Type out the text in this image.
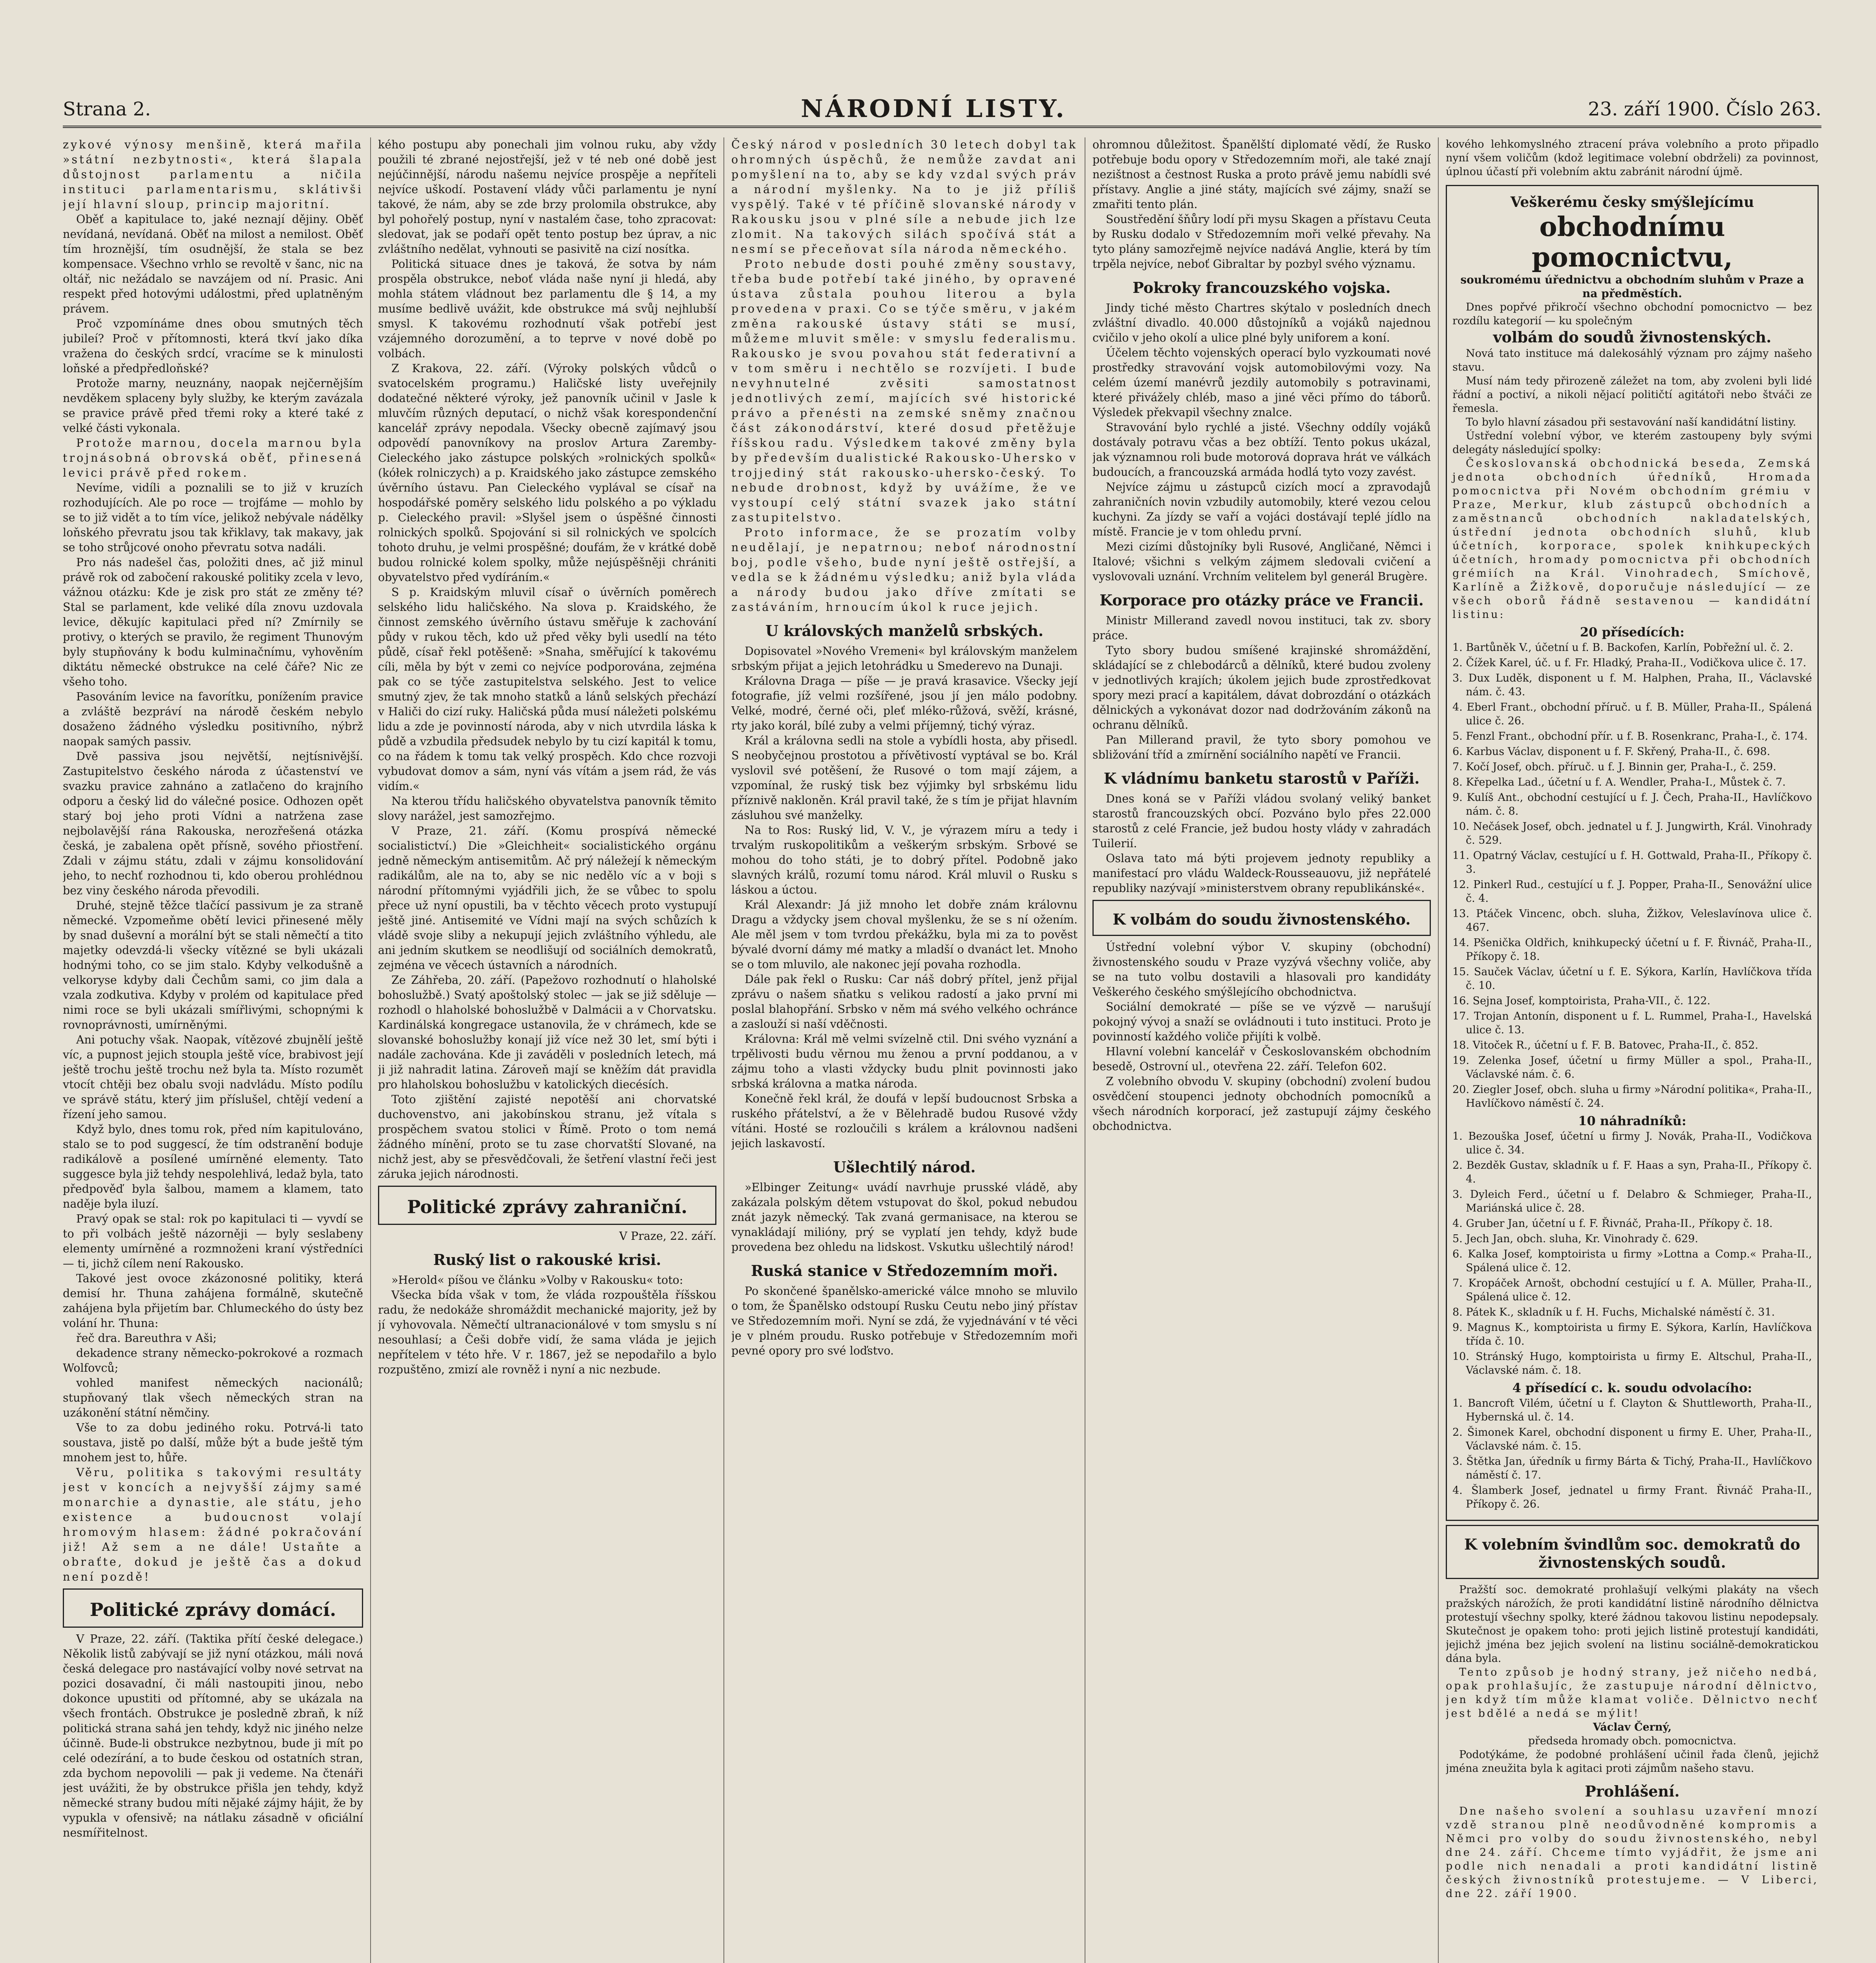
Strana 2.	NÁRODNÍ LISTY.	23. září 1900. Číslo 263.

zykové výnosy menšině, která mařila »státní nezbytnosti«, která šlapala důstojnost parlamentu a ničila instituci parlamentarismu, sklátivši její hlavní sloup, princip majoritní.

Oběť a kapitulace to, jaké neznají dějiny. Oběť nevídaná, nevídaná. Oběť na milost a nemilost. Oběť tím hroznější, tím osudnější, že stala se bez kompensace. Všechno vrhlo se revoltě v šanc, nic na oltář, nic nežádalo se navzájem od ní. Prasic. Ani respekt před hotovými událostmi, před uplatněným právem.

Proč vzpomínáme dnes obou smutných těch jubileí? Proč v přítomnosti, která tkví jako díka vražena do českých srdcí, vracíme se k minulosti loňské a předpředloňské?

Protože marny, neuznány, naopak nejčernějším nevděkem splaceny byly služby, ke kterým zavázala se pravice právě před třemi roky a které také z velké části vykonala.

Protože marnou, docela marnou byla trojnásobná obrovská oběť, přinesená levici právě před rokem.

Nevíme, vidíli a poznalili se to již v kruzích rozhodujících. Ale po roce — trojfáme — mohlo by se to již vidět a to tím více, jelikož nebývale nádělky loňského převratu jsou tak křiklavy, tak makavy, jak se toho strůjcové onoho převratu sotva nadáli.

Pro nás nadešel čas, položiti dnes, ač již minul právě rok od zabočení rakouské politiky zcela v levo, vážnou otázku: Kde je zisk pro stát ze změny té? Stal se parlament, kde veliké díla znovu uzdovala levice, děkujíc kapitulaci před ní? Zmírnily se protivy, o kterých se pravilo, že regiment Thunovým byly stupňovány k bodu kulminačnímu, vyhověním diktátu německé obstrukce na celé čáře? Nic ze všeho toho.

Pasováním levice na favorítku, ponížením pravice a zvláště bezpráví na národě českém nebylo dosaženo žádného výsledku positivního, nýbrž naopak samých passiv.

Dvě passiva jsou největší, nejtísnivější. Zastupitelstvo českého národa z účastenství ve svazku pravice zahnáno a zatlačeno do krajního odporu a český lid do válečné posice. Odhozen opět starý boj jeho proti Vídni a natržena zase nejbolavější rána Rakouska, nerozřešená otázka česká, je zabalena opět přísně, sového přiostření. Zdali v zájmu státu, zdali v zájmu konsolidování jeho, to nechť rozhodnou ti, kdo oberou prohlédnou bez viny českého národa převodili.

Druhé, stejně těžce tlačící passivum je za straně německé. Vzpomeňme obětí levici přinesené měly by snad duševní a morální být se stali němečtí a tito majetky odevzdá-li všecky vítězné se byli ukázali hodnými toho, co se jim stalo. Kdyby velkodušně a velkoryse kdyby dali Čechům sami, co jim dala a vzala zodkutiva. Kdyby v prolém od kapitulace před nimi roce se byli ukázali smířlivými, schopnými k rovnoprávnosti, umírněnými.

Ani potuchy však. Naopak, vítězové zbujnělí ještě víc, a pupnost jejich stoupla ještě více, brabivost její ještě trochu ještě trochu než byla ta. Místo rozumět vtocít chtěji bez obalu svoji nadvládu. Místo podílu ve správě státu, který jim příslušel, chtějí vedení a řízení jeho samou.

Když bylo, dnes tomu rok, před ním kapitulováno, stalo se to pod suggescí, že tím odstranění boduje radikálově a posílené umírněné elementy. Tato suggesce byla již tehdy nespolehlivá, ledaž byla, tato předpověď byla šalbou, mamem a klamem, tato naděje byla iluzí.

Pravý opak se stal: rok po kapitulaci ti — vyvdí se to při volbách ještě názorněji — byly seslabeny elementy umírněné a rozmnoženi kraní výstředníci — ti, jichž cílem není Rakousko.

Takové jest ovoce zkázonosné politiky, která demisí hr. Thuna zahájena formálně, skutečně zahájena byla přijetím bar. Chlumeckého do ústy bez volání hr. Thuna:

řeč dra. Bareuthra v Aši;

dekadence strany německo-pokrokové a rozmach Wolfovců;

vohled manifest německých nacionálů; stupňovaný tlak všech německých stran na uzákonění státní němčiny.

Vše to za dobu jediného roku. Potrvá-li tato soustava, jistě po další, může být a bude ještě tým mnohem jest to, hůře.

Věru, politika s takovými resultáty jest v koncích a nejvyšší zájmy samé monarchie a dynastie, ale státu, jeho existence a budoucnost volají hromovým hlasem: žádné pokračování již! Až sem a ne dále! Ustaňte a obraťte, dokud je ještě čas a dokud není pozdě!

Politické zprávy domácí.

V Praze, 22. září. (Taktika přítí české delegace.) Několik listů zabývají se již nyní otázkou, máli nová česká delegace pro nastávající volby nové setrvat na pozici dosavadní, či máli nastoupiti jinou, nebo dokonce upustiti od přítomné, aby se ukázala na všech frontách. Obstrukce je posledně zbraň, k níž politická strana sahá jen tehdy, když nic jiného nelze účinně. Bude-li obstrukce nezbytnou, bude ji mít po celé odezírání, a to bude českou od ostatních stran, zda bychom nepovolili — pak ji vedeme. Na čtenáři jest uvážiti, že by obstrukce přišla jen tehdy, když německé strany budou míti nějaké zájmy hájit, že by vypukla v ofensivě; na nátlaku zásadně v oficiální nesmířitelnost.

kého postupu aby ponechali jim volnou ruku, aby vždy použili té zbrané nejostřejší, jež v té neb oné době jest nejúčinnější, národu našemu nejvíce prospěje a nepříteli nejvíce uškodí. Postavení vlády vůči parlamentu je nyní takové, že nám, aby se zde brzy prolomila obstrukce, aby byl pohořelý postup, nyní v nastalém čase, toho zpracovat: sledovat, jak se podaří opět tento postup bez úprav, a nic zvláštního nedělat, vyhnouti se pasivitě na cizí nosítka.

Politická situace dnes je taková, že sotva by nám prospěla obstrukce, neboť vláda naše nyní ji hledá, aby mohla státem vládnout bez parlamentu dle § 14, a my musíme bedlivě uvážit, kde obstrukce má svůj nejhlubší smysl. K takovému rozhodnutí však potřebí jest vzájemného dorozumění, a to teprve v nové době po volbách.

Z Krakova, 22. září. (Výroky polských vůdců o svatocelském programu.) Haličské listy uveřejnily dodatečné některé výroky, jež panovník učinil v Jasle k mluvčím různých deputací, o nichž však korespondenční kancelář zprávy nepodala. Všecky obecně zajímavý jsou odpovědí panovníkovy na proslov Artura Zaremby-Cieleckého jako zástupce polských »rolnických spolků« (kółek rolniczych) a p. Kraidského jako zástupce zemského úvěrního ústavu. Pan Cieleckého vyplával se císař na hospodářské poměry selského lidu polského a po výkladu p. Cieleckého pravil: »Slyšel jsem o úspěšné činnosti rolnických spolků. Spojování si sil rolnických ve spolcích tohoto druhu, je velmi prospěšné; doufám, že v krátké době budou rolnické kolem spolky, může nejúspěšněji chrániti obyvatelstvo před vydíráním.«

S p. Kraidským mluvil císař o úvěrních poměrech selského lidu haličského. Na slova p. Kraidského, že činnost zemského úvěrního ústavu směřuje k zachování půdy v rukou těch, kdo už před věky byli usedlí na této půdě, císař řekl potěšeně: »Snaha, směřující k takovému cíli, měla by být v zemi co nejvíce podporována, zejména pak co se týče zastupitelstva selského. Jest to velice smutný zjev, že tak mnoho statků a lánů selských přechází v Haliči do cizí ruky. Haličská půda musí náležeti polskému lidu a zde je povinností národa, aby v nich utvrdila láska k půdě a vzbudila předsudek nebylo by tu cizí kapitál k tomu, co na řádem k tomu tak velký prospěch. Kdo chce rozvoji vybudovat domov a sám, nyní vás vítám a jsem rád, že vás vidím.«

Na kterou třídu haličského obyvatelstva panovník těmito slovy narážel, jest samozřejmo.

V Praze, 21. září. (Komu prospívá německé socialistictví.) Die »Gleichheit« socialistického orgánu jedně německým antisemitům. Ač prý náležejí k německým radikálům, ale na to, aby se nic nedělo víc a v boji s národní přítomnými vyjádřili jich, že se vůbec to spolu přece už nyní opustili, ba v těchto věcech proto vystupují ještě jiné. Antisemité ve Vídni mají na svých schůzích k vládě svoje sliby a nekupují jejich zvláštního výhledu, ale ani jedním skutkem se neodlišují od sociálních demokratů, zejména ve věcech ústavních a národních.

Ze Záhřeba, 20. září. (Papežovo rozhodnutí o hlaholské bohoslužbě.) Svatý apoštolský stolec — jak se již sděluje — rozhodl o hlaholské bohoslužbě v Dalmácii a v Chorvatsku. Kardinálská kongregace ustanovila, že v chrámech, kde se slovanské bohoslužby konají již více než 30 let, smí býti i nadále zachována. Kde ji zaváděli v posledních letech, má ji již nahradit latina. Zároveň mají se kněžím dát pravidla pro hlaholskou bohoslužbu v katolických diecésích.

Toto zjištění zajisté nepotěší ani chorvatské duchovenstvo, ani jakobínskou stranu, jež vítala s prospěchem svatou stolici v Římě. Proto o tom nemá žádného mínění, proto se tu zase chorvatští Slované, na nichž jest, aby se přesvědčovali, že šetření vlastní řeči jest záruka jejich národnosti.

Politické zprávy zahraniční.
V Praze, 22. září.
Ruský list o rakouské krisi.

»Herold« píšou ve článku »Volby v Rakousku« toto:

Všecka bída však v tom, že vláda rozpouštěla říšskou radu, že nedokáže shromáždit mechanické majority, jež by jí vyhovovala. Němečtí ultranacionálové v tom smyslu s ní nesouhlasí; a Češi dobře vidí, že sama vláda je jejich nepřítelem v této hře. V r. 1867, jež se nepodařilo a bylo rozpuštěno, zmizí ale rovněž i nyní a nic nezbude.

Český národ v posledních 30 letech dobyl tak ohromných úspěchů, že nemůže zavdat ani pomyšlení na to, aby se kdy vzdal svých práv a národní myšlenky. Na to je již příliš vyspělý. Také v té příčině slovanské národy v Rakousku jsou v plné síle a nebude jich lze zlomit. Na takových silách spočívá stát a nesmí se přeceňovat síla národa německého.

Proto nebude dosti pouhé změny soustavy, třeba bude potřebí také jiného, by opravené ústava zůstala pouhou literou a byla provedena v praxi. Co se týče směru, v jakém změna rakouské ústavy státi se musí, můžeme mluvit směle: v smyslu federalismu. Rakousko je svou povahou stát federativní a v tom směru i nechtělo se rozvíjeti. I bude nevyhnutelné zvěsiti samostatnost jednotlivých zemí, majících své historické právo a přenésti na zemské sněmy značnou část zákonodárství, které dosud přetěžuje říšskou radu. Výsledkem takové změny byla by především dualistické Rakousko-Uhersko v trojjediný stát rakousko-uhersko-český. To nebude drobnost, když by uvážíme, že ve vystoupí celý státní svazek jako státní zastupitelstvo.

Proto informace, že se prozatím volby neudělají, je nepatrnou; neboť národnostní boj, podle všeho, bude nyní ještě ostřejší, a vedla se k žádnému výsledku; aniž byla vláda a národy budou jako dříve zmítati se zastáváním, hrnoucím úkol k ruce jejich.

U královských manželů srbských.

Dopisovatel »Nového Vremeni« byl královským manželem srbským přijat a jejich letohrádku u Smederevo na Dunaji.

Královna Draga — píše — je pravá krasavice. Všecky její fotografie, jíž velmi rozšířené, jsou jí jen málo podobny. Velké, modré, černé oči, pleť mléko-růžová, svěží, krásné, rty jako korál, bílé zuby a velmi příjemný, tichý výraz.

Král a královna sedli na stole a vybídli hosta, aby přisedl. S neobyčejnou prostotou a přívětivostí vyptával se bo. Král vyslovil své potěšení, že Rusové o tom mají zájem, a vzpomínal, že ruský tisk bez výjimky byl srbskému lidu příznivě nakloněn. Král pravil také, že s tím je přijat hlavním zásluhou své manželky.

Na to Ros: Ruský lid, V. V., je výrazem míru a tedy i trvalým ruskopolitikům a veškerým srbským. Srbové se mohou do toho státi, je to dobrý přítel. Podobně jako slavných králů, rozumí tomu národ. Král mluvil o Rusku s láskou a úctou.

Král Alexandr: Já již mnoho let dobře znám královnu Dragu a vždycky jsem choval myšlenku, že se s ní ožením. Ale měl jsem v tom tvrdou překážku, byla mi za to pověst bývalé dvorní dámy mé matky a mladší o dvanáct let. Mnoho se o tom mluvilo, ale nakonec její povaha rozhodla.

Dále pak řekl o Rusku: Car náš dobrý přítel, jenž přijal zprávu o našem sňatku s velikou radostí a jako první mi poslal blahopřání. Srbsko v něm má svého velkého ochránce a zaslouží si naší vděčnosti.

Královna: Král mě velmi svízelně ctil. Dni svého vyznání a trpělivosti budu věrnou mu ženou a první poddanou, a v zájmu toho a vlasti vždycky budu plnit povinnosti jako srbská královna a matka národa.

Konečně řekl král, že doufá v lepší budoucnost Srbska a ruského přátelství, a že v Bělehradě budou Rusové vždy vítáni. Hosté se rozloučili s králem a královnou nadšeni jejich laskavostí.

Ušlechtilý národ.

»Elbinger Zeitung« uvádí navrhuje prusské vládě, aby zakázala polským dětem vstupovat do škol, pokud nebudou znát jazyk německý. Tak zvaná germanisace, na kterou se vynakládají milióny, prý se vyplatí jen tehdy, když bude provedena bez ohledu na lidskost. Vskutku ušlechtilý národ!

Ruská stanice v Středozemním moři.

Po skončené španělsko-americké válce mnoho se mluvilo o tom, že Španělsko odstoupí Rusku Ceutu nebo jiný přístav ve Středozemním moři. Nyní se zdá, že vyjednávání v té věci je v plném proudu. Rusko potřebuje v Středozemním moři pevné opory pro své loďstvo.

ohromnou důležitost. Španělští diplomaté vědí, že Rusko potřebuje bodu opory v Středozemním moři, ale také znají nezištnost a čestnost Ruska a proto právě jemu nabídli své přístavy. Anglie a jiné státy, majících své zájmy, snaží se zmařiti tento plán.

Soustředění šňůry lodí při mysu Skagen a přístavu Ceuta by Rusku dodalo v Středozemním moři velké převahy. Na tyto plány samozřejmě nejvíce nadává Anglie, která by tím trpěla nejvíce, neboť Gibraltar by pozbyl svého významu.

Pokroky francouzského vojska.

Jindy tiché město Chartres skýtalo v posledních dnech zvláštní divadlo. 40.000 důstojníků a vojáků najednou cvičilo v jeho okolí a ulice plné byly uniforem a koní.

Účelem těchto vojenských operací bylo vyzkoumati nové prostředky stravování vojsk automobilovými vozy. Na celém území manévrů jezdily automobily s potravinami, které přivážely chléb, maso a jiné věci přímo do táborů. Výsledek překvapil všechny znalce.

Stravování bylo rychlé a jisté. Všechny oddíly vojáků dostávaly potravu včas a bez obtíží. Tento pokus ukázal, jak významnou roli bude motorová doprava hrát ve válkách budoucích, a francouzská armáda hodlá tyto vozy zavést.

Nejvíce zájmu u zástupců cizích mocí a zpravodajů zahraničních novin vzbudily automobily, které vezou celou kuchyni. Za jízdy se vaří a vojáci dostávají teplé jídlo na místě. Francie je v tom ohledu první.

Mezi cizími důstojníky byli Rusové, Angličané, Němci i Italové; všichni s velkým zájmem sledovali cvičení a vyslovovali uznání. Vrchním velitelem byl generál Brugère.

Korporace pro otázky práce ve Francii.

Ministr Millerand zavedl novou instituci, tak zv. sbory práce.

Tyto sbory budou smíšené krajinské shromáždění, skládající se z chlebodárců a dělníků, které budou zvoleny v jednotlivých krajích; úkolem jejich bude zprostředkovat spory mezi prací a kapitálem, dávat dobrozdání o otázkách dělnických a vykonávat dozor nad dodržováním zákonů na ochranu dělníků.

Pan Millerand pravil, že tyto sbory pomohou ve sbližování tříd a zmírnění sociálního napětí ve Francii.

K vládnímu banketu starostů v Paříži.

Dnes koná se v Paříži vládou svolaný veliký banket starostů francouzských obcí. Pozváno bylo přes 22.000 starostů z celé Francie, jež budou hosty vlády v zahradách Tuilerií.

Oslava tato má býti projevem jednoty republiky a manifestací pro vládu Waldeck-Rousseauovu, již nepřátelé republiky nazývají »ministerstvem obrany republikánské«.

K volbám do soudu živnostenského.

Ústřední volební výbor V. skupiny (obchodní) živnostenského soudu v Praze vyzývá všechny voliče, aby se na tuto volbu dostavili a hlasovali pro kandidáty Veškerého českého smýšlejícího obchodnictva.

Sociální demokraté — píše se ve výzvě — narušují pokojný vývoj a snaží se ovládnouti i tuto instituci. Proto je povinností každého voliče přijíti k volbě.

Hlavní volební kancelář v Českoslovanském obchodním besedě, Ostrovní ul., otevřena 22. září. Telefon 602.

Z volebního obvodu V. skupiny (obchodní) zvolení budou osvědčení stoupenci jednoty obchodních pomocníků a všech národních korporací, jež zastupují zájmy českého obchodnictva.

kového lehkomyslného ztracení práva volebního a proto připadlo nyní všem voličům (kdož legitimace volební obdrželi) za povinnost, úplnou účastí při volebním aktu zabránit národní újmě.

Veškerému česky smýšlejícímu
obchodnímu pomocnictvu,
soukromému úřednictvu a obchodním sluhům v Praze a na předměstích.

Dnes popřvé přikročí všechno obchodní pomocnictvo — bez rozdílu kategorií — ku společným

volbám do soudů živnostenských.

Nová tato instituce má dalekosáhlý význam pro zájmy našeho stavu.

Musí nám tedy přirozeně záležet na tom, aby zvoleni byli lidé řádní a poctiví, a nikoli nějací političtí agitátoři nebo štváči ze řemesla.

To bylo hlavní zásadou při sestavování naší kandidátní listiny.

Ústřední volební výbor, ve kterém zastoupeny byly svými delegáty následující spolky:

Českoslovanská obchodnická beseda, Zemská jednota obchodních úředníků, Hromada pomocnictva při Novém obchodním grémiu v Praze, Merkur, klub zástupců obchodních a zaměstnanců obchodních nakladatelských, ústřední jednota obchodních sluhů, klub účetních, korporace, spolek knihkupeckých účetních, hromady pomocnictva při obchodních grémiích na Král. Vinohradech, Smíchově, Karlíně a Žižkově, doporučuje následující — ze všech oborů řádně sestavenou — kandidátní listinu:

20 přísedících:
1. Bartůněk V., účetní u f. B. Backofen, Karlín, Pobřežní ul. č. 2.
2. Čížek Karel, úč. u f. Fr. Hladký, Praha-II., Vodičkova ulice č. 17.
3. Dux Luděk, disponent u f. M. Halphen, Praha, II., Václavské nám. č. 43.
4. Eberl Frant., obchodní příruč. u f. B. Müller, Praha-II., Spálená ulice č. 26.
5. Fenzl Frant., obchodní přír. u f. B. Rosenkranc, Praha-I., č. 174.
6. Karbus Václav, disponent u f. F. Skřený, Praha-II., č. 698.
7. Kočí Josef, obch. příruč. u f. J. Binnin ger, Praha-I., č. 259.
8. Křepelka Lad., účetní u f. A. Wendler, Praha-I., Můstek č. 7.
9. Kulíš Ant., obchodní cestující u f. J. Čech, Praha-II., Havlíčkovo nám. č. 8.
10. Nečásek Josef, obch. jednatel u f. J. Jungwirth, Král. Vinohrady č. 529.
11. Opatrný Václav, cestující u f. H. Gottwald, Praha-II., Příkopy č. 3.
12. Pinkerl Rud., cestující u f. J. Popper, Praha-II., Senovážní ulice č. 4.
13. Ptáček Vincenc, obch. sluha, Žižkov, Veleslavínova ulice č. 467.
14. Pšenička Oldřich, knihkupecký účetní u f. F. Řivnáč, Praha-II., Příkopy č. 18.
15. Sauček Václav, účetní u f. E. Sýkora, Karlín, Havlíčkova třída č. 10.
16. Sejna Josef, komptoirista, Praha-VII., č. 122.
17. Trojan Antonín, disponent u f. L. Rummel, Praha-I., Havelská ulice č. 13.
18. Vitoček R., účetní u f. F. B. Batovec, Praha-II., č. 852.
19. Zelenka Josef, účetní u firmy Müller a spol., Praha-II., Václavské nám. č. 6.
20. Ziegler Josef, obch. sluha u firmy »Národní politika«, Praha-II., Havlíčkovo náměstí č. 24.
10 náhradníků:
1. Bezouška Josef, účetní u firmy J. Novák, Praha-II., Vodičkova ulice č. 34.
2. Bezděk Gustav, skladník u f. F. Haas a syn, Praha-II., Příkopy č. 4.
3. Dyleich Ferd., účetní u f. Delabro & Schmieger, Praha-II., Mariánská ulice č. 28.
4. Gruber Jan, účetní u f. F. Řivnáč, Praha-II., Příkopy č. 18.
5. Jech Jan, obch. sluha, Kr. Vinohrady č. 629.
6. Kalka Josef, komptoirista u firmy »Lottna a Comp.« Praha-II., Spálená ulice č. 12.
7. Kropáček Arnošt, obchodní cestující u f. A. Müller, Praha-II., Spálená ulice č. 12.
8. Pátek K., skladník u f. H. Fuchs, Michalské náměstí č. 31.
9. Magnus K., komptoirista u firmy E. Sýkora, Karlín, Havlíčkova třída č. 10.
10. Stránský Hugo, komptoirista u firmy E. Altschul, Praha-II., Václavské nám. č. 18.
4 přísedící c. k. soudu odvolacího:
1. Bancroft Vilém, účetní u f. Clayton & Shuttleworth, Praha-II., Hybernská ul. č. 14.
2. Šimonek Karel, obchodní disponent u firmy E. Uher, Praha-II., Václavské nám. č. 15.
3. Štětka Jan, úředník u firmy Bárta & Tichý, Praha-II., Havlíčkovo náměstí č. 17.
4. Šlamberk Josef, jednatel u firmy Frant. Řivnáč Praha-II., Příkopy č. 26.
K volebním švindlům soc. demokratů do živnostenských soudů.

Pražští soc. demokraté prohlašují velkými plakáty na všech pražských nárožích, že proti kandidátní listině národního dělnictva protestují všechny spolky, které žádnou takovou listinu nepodepsaly. Skutečnost je opakem toho: proti jejich listině protestují kandidáti, jejichž jména bez jejich svolení na listinu sociálně-demokratickou dána byla.

Tento způsob je hodný strany, jež ničeho nedbá, opak prohlašujíc, že zastupuje národní dělnictvo, jen když tím může klamat voliče. Dělnictvo nechť jest bdělé a nedá se mýlit!

Václav Černý,
předseda hromady obch. pomocnictva.

Podotýkáme, že podobné prohlášení učinil řada členů, jejichž jména zneužita byla k agitaci proti zájmům našeho stavu.

Prohlášení.

Dne našeho svolení a souhlasu uzavření mnozí vzdě stranou plně neodůvodněné kompromis a Němci pro volby do soudu živnostenského, nebyl dne 24. září. Chceme tímto vyjádřit, že jsme ani podle nich nenadali a proti kandidátní listině českých živnostníků protestujeme. — V Liberci, dne 22. září 1900.
